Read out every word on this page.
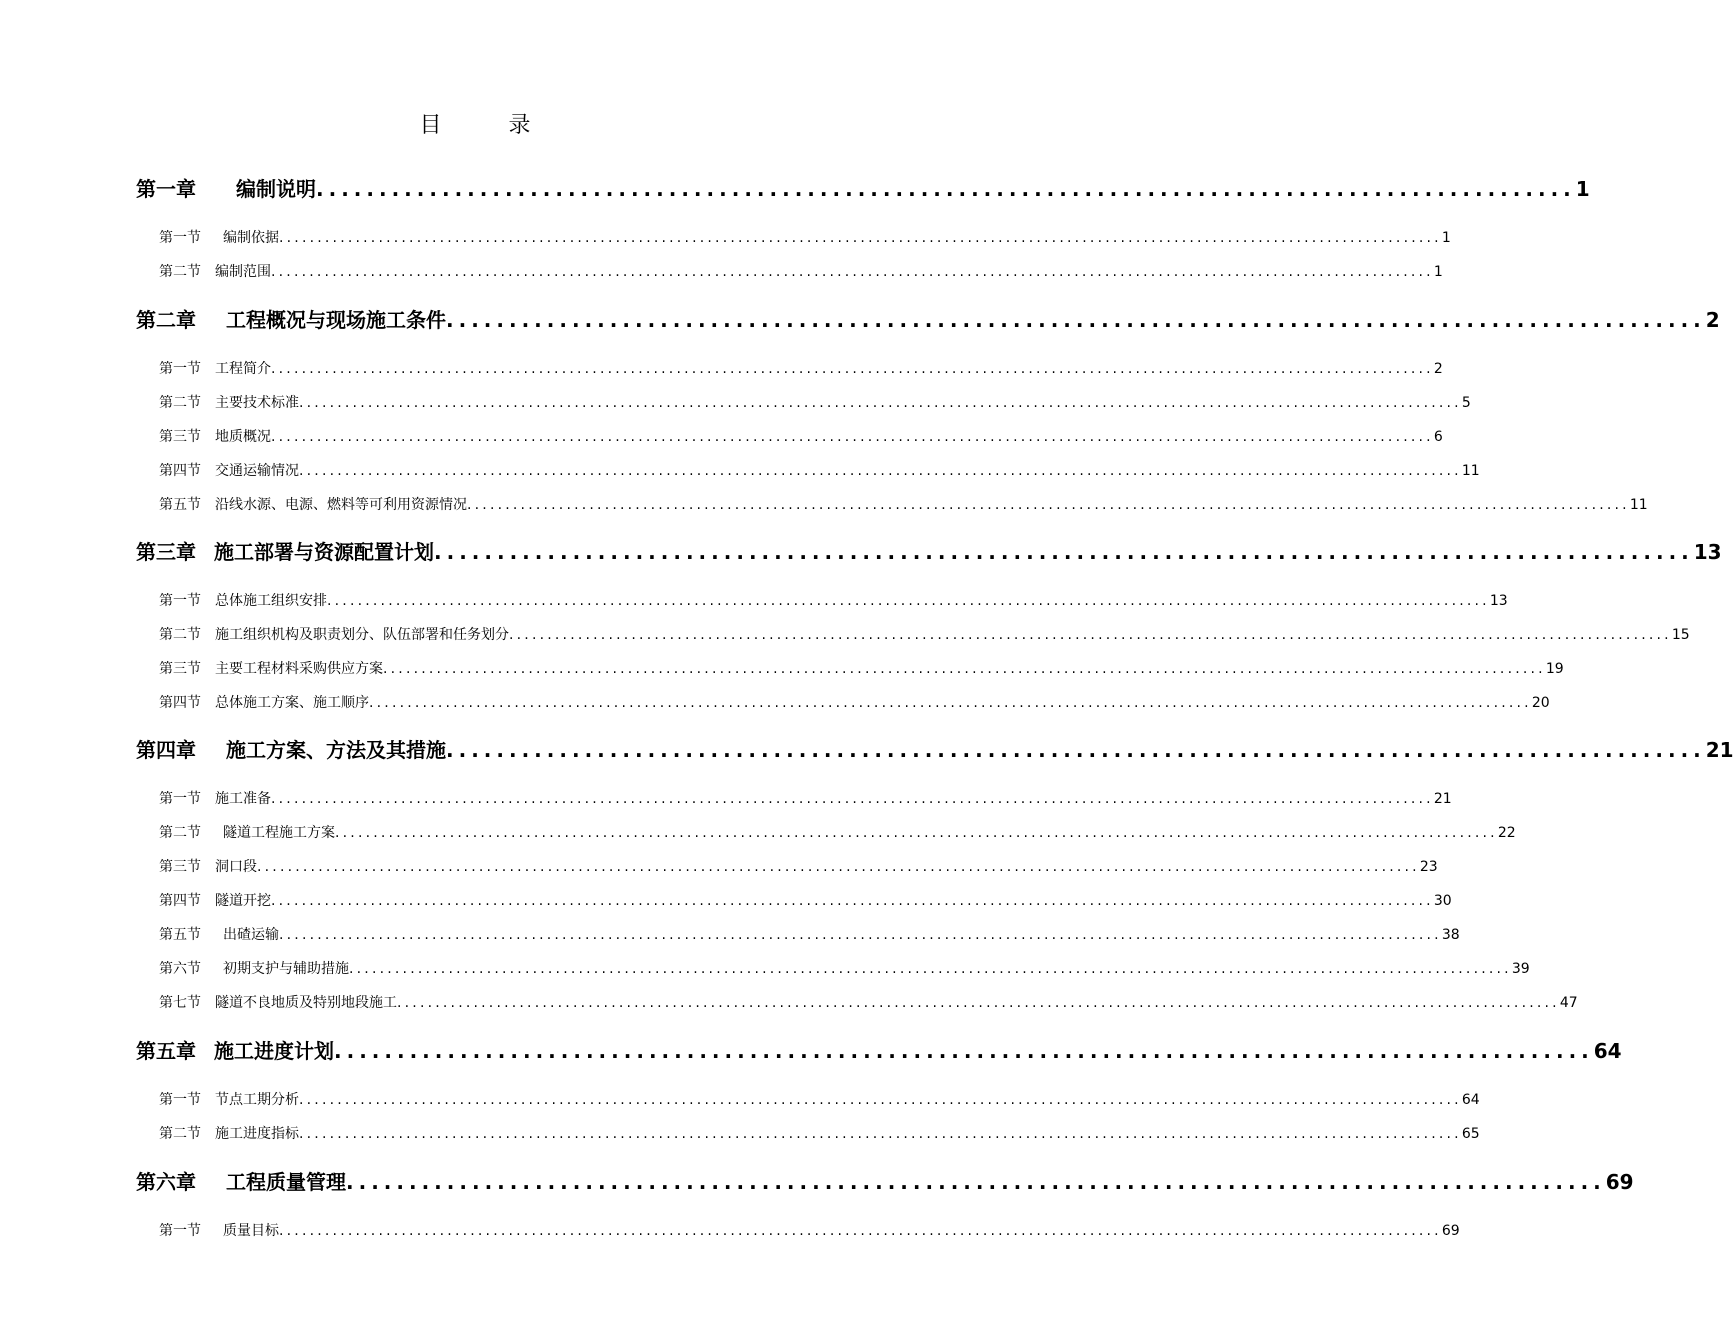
目 录
第一章	编制说明 .................................................................................................... 1
第一节	编制依据 ........................................................................................................................................................ 1
第二节	编制范围 ........................................................................................................................................................ 1
第二章	工程概况与现场施工条件 .................................................................................................... 2
第一节	工程简介 ........................................................................................................................................................ 2
第二节	主要技术标准 ........................................................................................................................................................ 5
第三节	地质概况 ........................................................................................................................................................ 6
第四节	交通运输情况 ........................................................................................................................................................ 11
第五节	沿线水源、电源、燃料等可利用资源情况 ........................................................................................................................................................ 11
第三章 施工部署与资源配置计划 .................................................................................................... 13
第一节	总体施工组织安排 ........................................................................................................................................................ 13
第二节	施工组织机构及职责划分、队伍部署和任务划分 ........................................................................................................................................................ 15
第三节	主要工程材料采购供应方案 ........................................................................................................................................................ 19
第四节	总体施工方案、施工顺序 ........................................................................................................................................................ 20
第四章	施工方案、方法及其措施 .................................................................................................... 21
第一节	施工准备 ........................................................................................................................................................ 21
第二节	隧道工程施工方案 ........................................................................................................................................................ 22
第三节	洞口段 ........................................................................................................................................................ 23
第四节	隧道开挖 ........................................................................................................................................................ 30
第五节	出碴运输 ........................................................................................................................................................ 38
第六节	初期支护与辅助措施 ........................................................................................................................................................ 39
第七节	隧道不良地质及特别地段施工 ........................................................................................................................................................ 47
第五章 施工进度计划 .................................................................................................... 64
第一节	节点工期分析 ........................................................................................................................................................ 64
第二节	施工进度指标 ........................................................................................................................................................ 65
第六章	工程质量管理 .................................................................................................... 69
第一节	质量目标 ........................................................................................................................................................ 69
